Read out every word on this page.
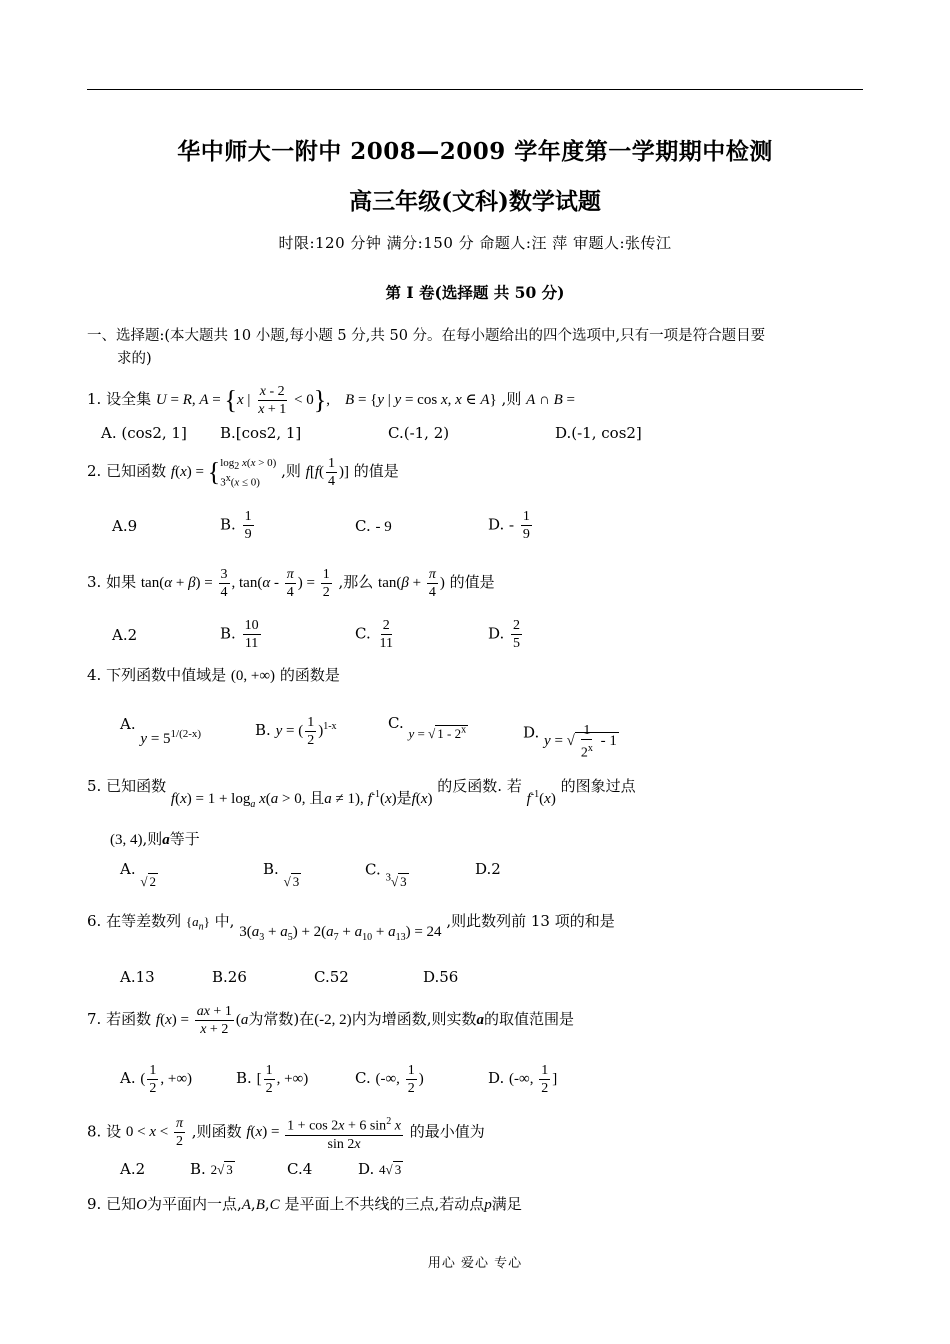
华中师大一附中 2008—2009 学年度第一学期期中检测
高三年级(文科)数学试题
时限:120 分钟 满分:150 分 命题人:汪 萍 审题人:张传江
第 I 卷(选择题 共 50 分)
一、选择题:(本大题共 10 小题,每小题 5 分,共 50 分。在每小题给出的四个选项中,只有一项是符合题目要
求的)
1. 设全集 U = R, A = {x | $\frac{x - 2}{x + 1} < 0$},    B = {y | y = cos x, x ∈ A} ,则 A ∩ B =
A. (cos2, 1] B.[cos2, 1]	C.(-1, 2)	D.(-1, cos2]
2. 已知函数 f(x) = { log2 x(x > 0)
3x(x ≤ 0)
,则 $f[f( \frac{1}{4}$ )] 的值是
A.9	B. $\frac{1}{9}$	C. - 9	D. - $\frac{1}{9}$
3. 如果 $\tan(\alpha + \beta) = \frac{3}{4}$ , $\tan(\alpha - \frac{\pi}{4}$ ) = $\frac{1}{2}$ ,那么 $\tan(\beta + \frac{\pi}{4}$ ) 的值是
A.2	B. $\frac{10}{11}$	C. $\frac{2}{11}$	D. $\frac{2}{5}$
4. 下列函数中值域是 (0, +∞) 的函数是
A. $y = 5^{1/(2-x)}$	B. y = ( $\frac{1}{2} )^{1-x}$	C. y = √ 1 - 2$^x$	D. y = √ $\frac{1}{2^x} - 1$
5. 已知函数 $f(x) = 1 + \log_a x(a > 0$, 且a ≠ 1), $f^{-1}(x)$是f(x) 的反函数. 若 $f^{-1}(x)$ 的图象过点
(3, 4),则a等于
A. √ 2
B. √ 3
C. $^3$√ 3
D.2
6. 在等差数列 $\{a_n\}$ 中, $3(a_3 + a_5) + 2(a_7 + a_{10} + a_{13}) = 24$ ,则此数列前 13 项的和是
A.13	B.26	C.52	D.56
7. 若函数 $f(x) = \frac{ax + 1}{x + 2} (a$为常数)在(-2, 2)内为增函数,则实数a的取值范围是
A. ( $\frac{1}{2}$ , +∞)	B. [ $\frac{1}{2}$ , +∞)	C. (-∞, $\frac{1}{2}$ )	D. (-∞, $\frac{1}{2}$ ]
8. 设 $0 < x < \frac{\pi}{2}$ ,则函数 $f(x) = \frac{1 + \cos 2x + 6 \sin^2 x}{\sin 2x}$ 的最小值为
A.2	B. 2√ 3	C.4	D. 4√ 3
9. 已知O为平面内一点,A,B,C 是平面上不共线的三点,若动点p满足
用心 爱心 专心
